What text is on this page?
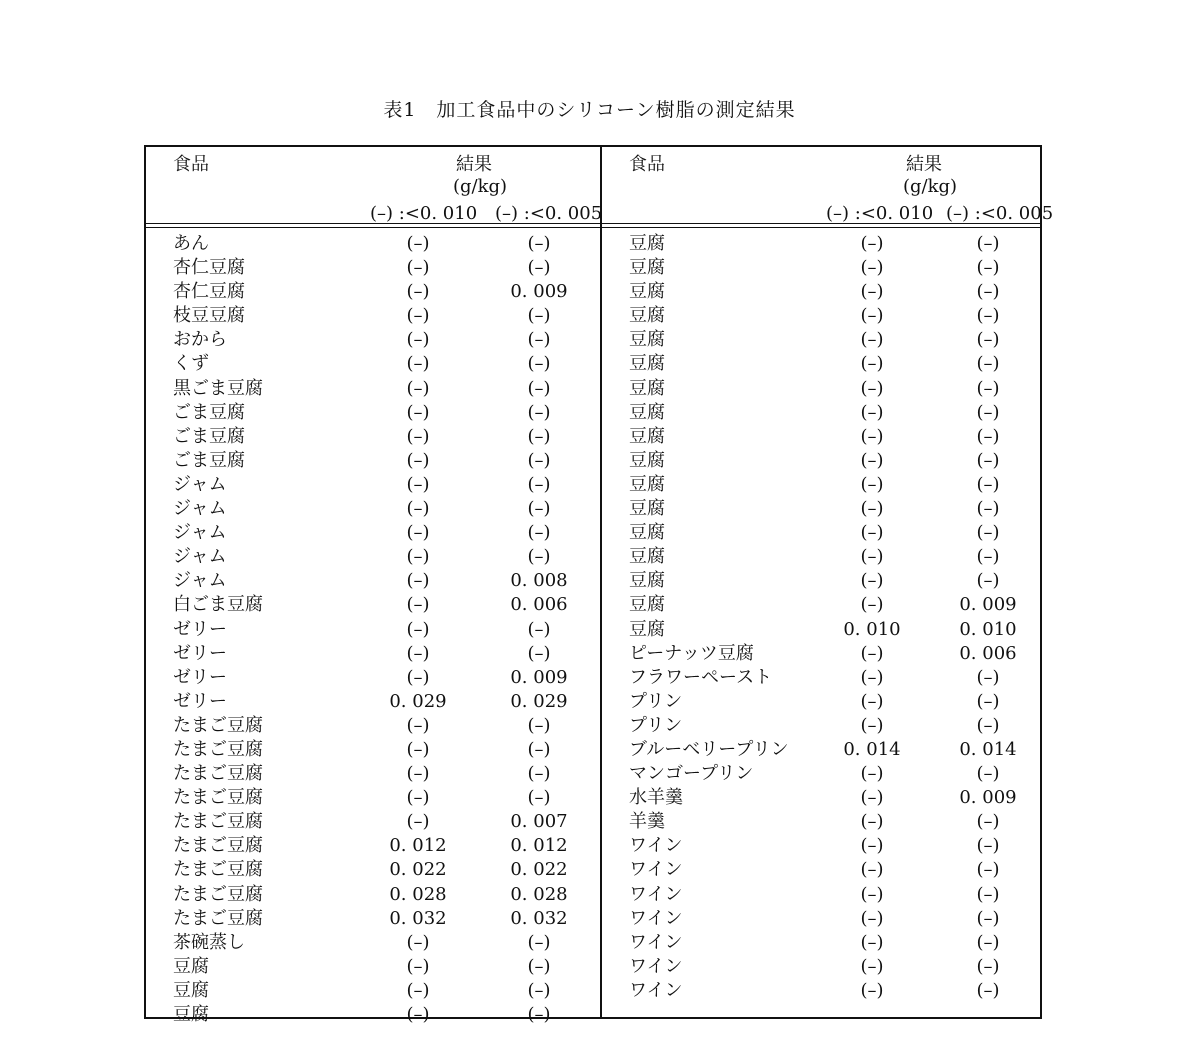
表1　加工食品中のシリコーン樹脂の測定結果
食品	結果
(g/kg)
(–) :<0. 010 (–) :<0. 005
あん	(–)	(–)
杏仁豆腐	(–)	(–)
杏仁豆腐	(–)	0. 009
枝豆豆腐	(–)	(–)
おから	(–)	(–)
くず	(–)	(–)
黒ごま豆腐	(–)	(–)
ごま豆腐	(–)	(–)
ごま豆腐	(–)	(–)
ごま豆腐	(–)	(–)
ジャム	(–)	(–)
ジャム	(–)	(–)
ジャム	(–)	(–)
ジャム	(–)	(–)
ジャム	(–)	0. 008
白ごま豆腐	(–)	0. 006
ゼリー	(–)	(–)
ゼリー	(–)	(–)
ゼリー	(–)	0. 009
ゼリー	0. 029	0. 029
たまご豆腐	(–)	(–)
たまご豆腐	(–)	(–)
たまご豆腐	(–)	(–)
たまご豆腐	(–)	(–)
たまご豆腐	(–)	0. 007
たまご豆腐	0. 012	0. 012
たまご豆腐	0. 022	0. 022
たまご豆腐	0. 028	0. 028
たまご豆腐	0. 032	0. 032
茶碗蒸し	(–)	(–)
豆腐	(–)	(–)
豆腐	(–)	(–)
豆腐	(–)	(–)
食品	結果
(g/kg)
(–) :<0. 010 (–) :<0. 005
豆腐	(–)	(–)
豆腐	(–)	(–)
豆腐	(–)	(–)
豆腐	(–)	(–)
豆腐	(–)	(–)
豆腐	(–)	(–)
豆腐	(–)	(–)
豆腐	(–)	(–)
豆腐	(–)	(–)
豆腐	(–)	(–)
豆腐	(–)	(–)
豆腐	(–)	(–)
豆腐	(–)	(–)
豆腐	(–)	(–)
豆腐	(–)	(–)
豆腐	(–)	0. 009
豆腐	0. 010	0. 010
ピーナッツ豆腐	(–)	0. 006
フラワーペースト	(–)	(–)
プリン	(–)	(–)
プリン	(–)	(–)
ブルーベリープリン	0. 014	0. 014
マンゴープリン	(–)	(–)
水羊羹	(–)	0. 009
羊羹	(–)	(–)
ワイン	(–)	(–)
ワイン	(–)	(–)
ワイン	(–)	(–)
ワイン	(–)	(–)
ワイン	(–)	(–)
ワイン	(–)	(–)
ワイン	(–)	(–)
